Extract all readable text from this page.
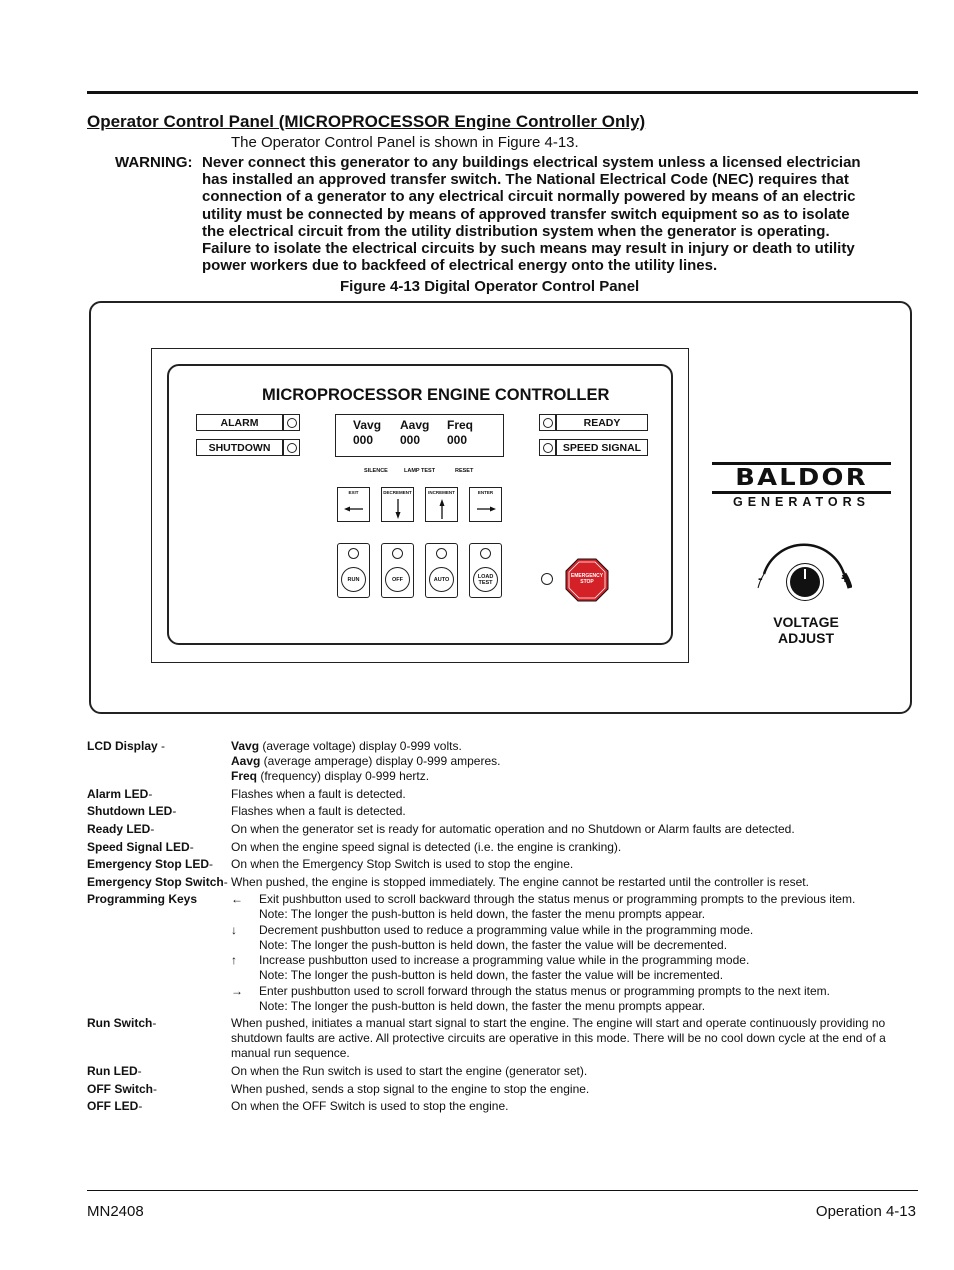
Operator Control Panel (MICROPROCESSOR Engine Controller Only)
The Operator Control Panel is shown in Figure 4-13.
WARNING: Never connect this generator to any buildings electrical system unless a licensed electrician
has installed an approved transfer switch. The National Electrical Code (NEC) requires that
connection of a generator to any electrical circuit normally powered by means of an electric
utility must be connected by means of approved transfer switch equipment so as to isolate
the electrical circuit from the utility distribution system when the generator is operating.
Failure to isolate the electrical circuits by such means may result in injury or death to utility
power workers due to backfeed of electrical energy onto the utility lines.
Figure 4-13 Digital Operator Control Panel
MICROPROCESSOR ENGINE CONTROLLER
ALARM
SHUTDOWN
READY
SPEED SIGNAL
Vavg Aavg Freq
000 000 000
SILENCE	LAMP TEST	RESET
EXIT	DECREMENT	INCREMENT	ENTER
RUN	OFF	AUTO	LOAD
TEST
EMERGENCY
STOP
BALDOR
GENERATORS
-	+
VOLTAGE
ADJUST
LCD Display -	Vavg (average voltage) display 0-999 volts.
Aavg (average amperage) display 0-999 amperes.
Freq (frequency) display 0-999 hertz.
Alarm LED-	Flashes when a fault is detected.
Shutdown LED-	Flashes when a fault is detected.
Ready LED-	On when the generator set is ready for automatic operation and no Shutdown or Alarm faults are detected.
Speed Signal LED-	On when the engine speed signal is detected (i.e. the engine is cranking).
Emergency Stop LED- On when the Emergency Stop Switch is used to stop the engine.
Emergency Stop Switch- When pushed, the engine is stopped immediately. The engine cannot be restarted until the controller is reset.
Programming Keys	← Exit pushbutton used to scroll backward through the status menus or programming prompts to the previous item.
Note: The longer the push-button is held down, the faster the menu prompts appear.
↓ Decrement pushbutton used to reduce a programming value while in the programming mode.
Note: The longer the push-button is held down, the faster the value will be decremented.
↑ Increase pushbutton used to increase a programming value while in the programming mode.
Note: The longer the push-button is held down, the faster the value will be incremented.
→ Enter pushbutton used to scroll forward through the status menus or programming prompts to the next item.
Note: The longer the push-button is held down, the faster the menu prompts appear.
Run Switch-	When pushed, initiates a manual start signal to start the engine. The engine will start and operate continuously providing no
shutdown faults are active. All protective circuits are operative in this mode. There will be no cool down cycle at the end of a
manual run sequence.
Run LED-	On when the Run switch is used to start the engine (generator set).
OFF Switch-	When pushed, sends a stop signal to the engine to stop the engine.
OFF LED-	On when the OFF Switch is used to stop the engine.
MN2408	Operation 4-13
